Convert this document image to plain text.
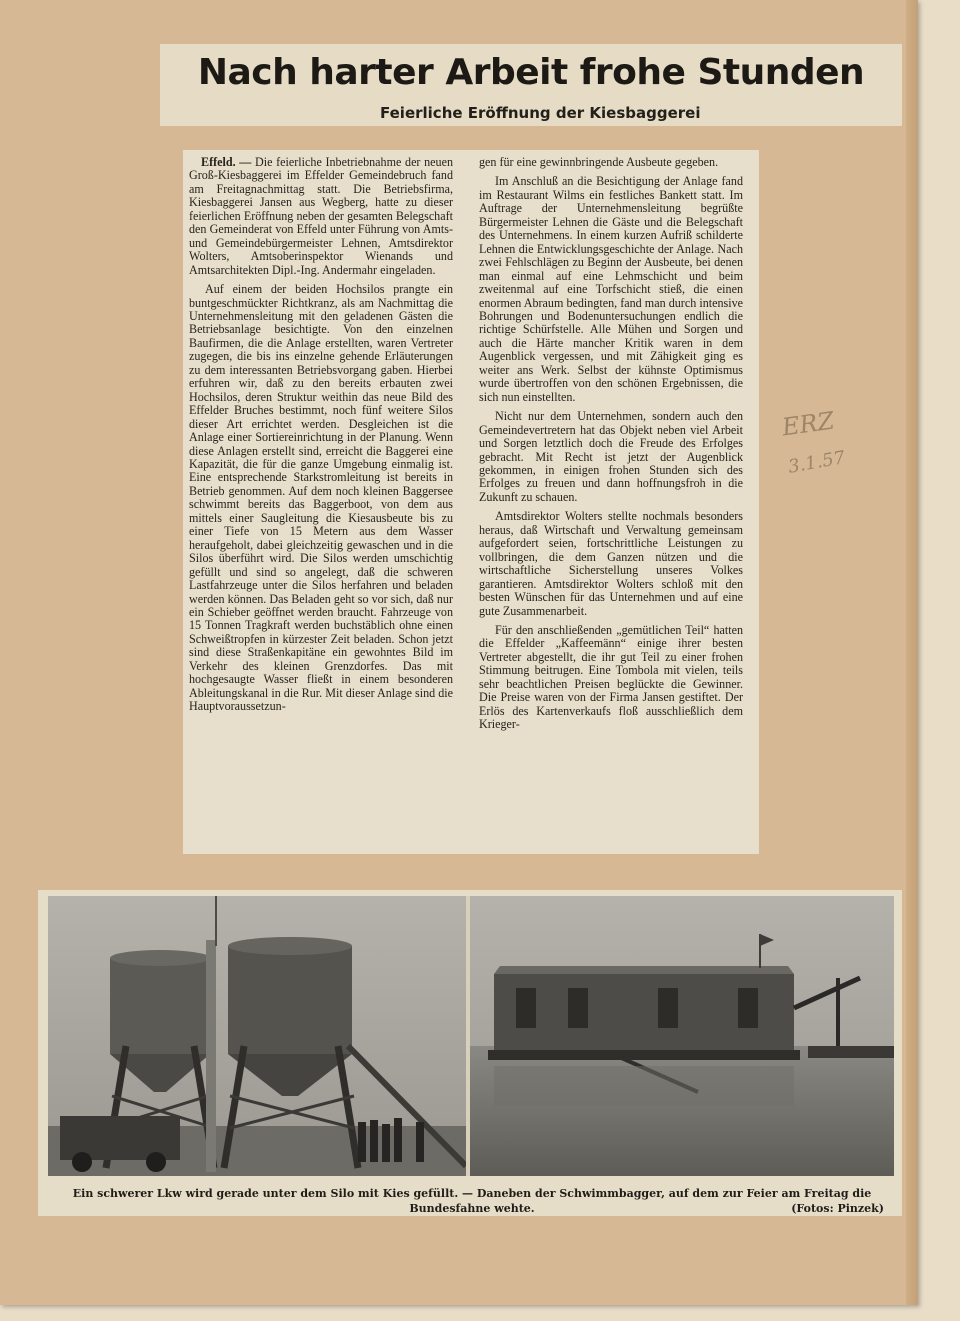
Nach harter Arbeit frohe Stunden
Feierliche Eröffnung der Kiesbaggerei

Effeld. — Die feierliche Inbetriebnahme der neuen Groß-Kiesbaggerei im Effelder Gemeindebruch fand am Freitagnachmittag statt. Die Betriebsfirma, Kiesbaggerei Jansen aus Wegberg, hatte zu dieser feierlichen Eröffnung neben der gesamten Belegschaft den Gemeinderat von Effeld unter Führung von Amts- und Gemeindebürgermeister Lehnen, Amtsdirektor Wolters, Amtsoberinspektor Wienands und Amtsarchitekten Dipl.-Ing. Andermahr eingeladen.

Auf einem der beiden Hochsilos prangte ein buntgeschmückter Richtkranz, als am Nachmittag die Unternehmensleitung mit den geladenen Gästen die Betriebsanlage besichtigte. Von den einzelnen Baufirmen, die die Anlage erstellten, waren Vertreter zugegen, die bis ins einzelne gehende Erläuterungen zu dem interessanten Betriebsvorgang gaben. Hierbei erfuhren wir, daß zu den bereits erbauten zwei Hochsilos, deren Struktur weithin das neue Bild des Effelder Bruches bestimmt, noch fünf weitere Silos dieser Art errichtet werden. Desgleichen ist die Anlage einer Sortiereinrichtung in der Planung. Wenn diese Anlagen erstellt sind, erreicht die Baggerei eine Kapazität, die für die ganze Umgebung einmalig ist. Eine entsprechende Starkstromleitung ist bereits in Betrieb genommen. Auf dem noch kleinen Baggersee schwimmt bereits das Baggerboot, von dem aus mittels einer Saugleitung die Kiesausbeute bis zu einer Tiefe von 15 Metern aus dem Wasser heraufgeholt, dabei gleichzeitig gewaschen und in die Silos überführt wird. Die Silos werden umschichtig gefüllt und sind so angelegt, daß die schweren Lastfahrzeuge unter die Silos herfahren und beladen werden können. Das Beladen geht so vor sich, daß nur ein Schieber geöffnet werden braucht. Fahrzeuge von 15 Tonnen Tragkraft werden buchstäblich ohne einen Schweißtropfen in kürzester Zeit beladen. Schon jetzt sind diese Straßenkapitäne ein gewohntes Bild im Verkehr des kleinen Grenzdorfes. Das mit hochgesaugte Wasser fließt in einem besonderen Ableitungskanal in die Rur. Mit dieser Anlage sind die Hauptvoraussetzun-

gen für eine gewinnbringende Ausbeute gegeben.

Im Anschluß an die Besichtigung der Anlage fand im Restaurant Wilms ein festliches Bankett statt. Im Auftrage der Unternehmensleitung begrüßte Bürgermeister Lehnen die Gäste und die Belegschaft des Unternehmens. In einem kurzen Aufriß schilderte Lehnen die Entwicklungsgeschichte der Anlage. Nach zwei Fehlschlägen zu Beginn der Ausbeute, bei denen man einmal auf eine Lehmschicht und beim zweitenmal auf eine Torfschicht stieß, die einen enormen Abraum bedingten, fand man durch intensive Bohrungen und Bodenuntersuchungen endlich die richtige Schürfstelle. Alle Mühen und Sorgen und auch die Härte mancher Kritik waren in dem Augenblick vergessen, und mit Zähigkeit ging es weiter ans Werk. Selbst der kühnste Optimismus wurde übertroffen von den schönen Ergebnissen, die sich nun einstellten.

Nicht nur dem Unternehmen, sondern auch den Gemeindevertretern hat das Objekt neben viel Arbeit und Sorgen letztlich doch die Freude des Erfolges gebracht. Mit Recht ist jetzt der Augenblick gekommen, in einigen frohen Stunden sich des Erfolges zu freuen und dann hoffnungsfroh in die Zukunft zu schauen.

Amtsdirektor Wolters stellte nochmals besonders heraus, daß Wirtschaft und Verwaltung gemeinsam aufgefordert seien, fortschrittliche Leistungen zu vollbringen, die dem Ganzen nützen und die wirtschaftliche Sicherstellung unseres Volkes garantieren. Amtsdirektor Wolters schloß mit den besten Wünschen für das Unternehmen und auf eine gute Zusammenarbeit.

Für den anschließenden „gemütlichen Teil“ hatten die Effelder „Kaffeemänn“ einige ihrer besten Vertreter abgestellt, die ihr gut Teil zu einer frohen Stimmung beitrugen. Eine Tombola mit vielen, teils sehr beachtlichen Preisen beglückte die Gewinner. Die Preise waren von der Firma Jansen gestiftet. Der Erlös des Kartenverkaufs floß ausschließlich dem Krieger-

ERZ
3.1.57
Ein schwerer Lkw wird gerade unter dem Silo mit Kies gefüllt. — Daneben der Schwimmbagger, auf dem zur Feier am Freitag die Bundesfahne wehte.	(Fotos: Pinzek)
